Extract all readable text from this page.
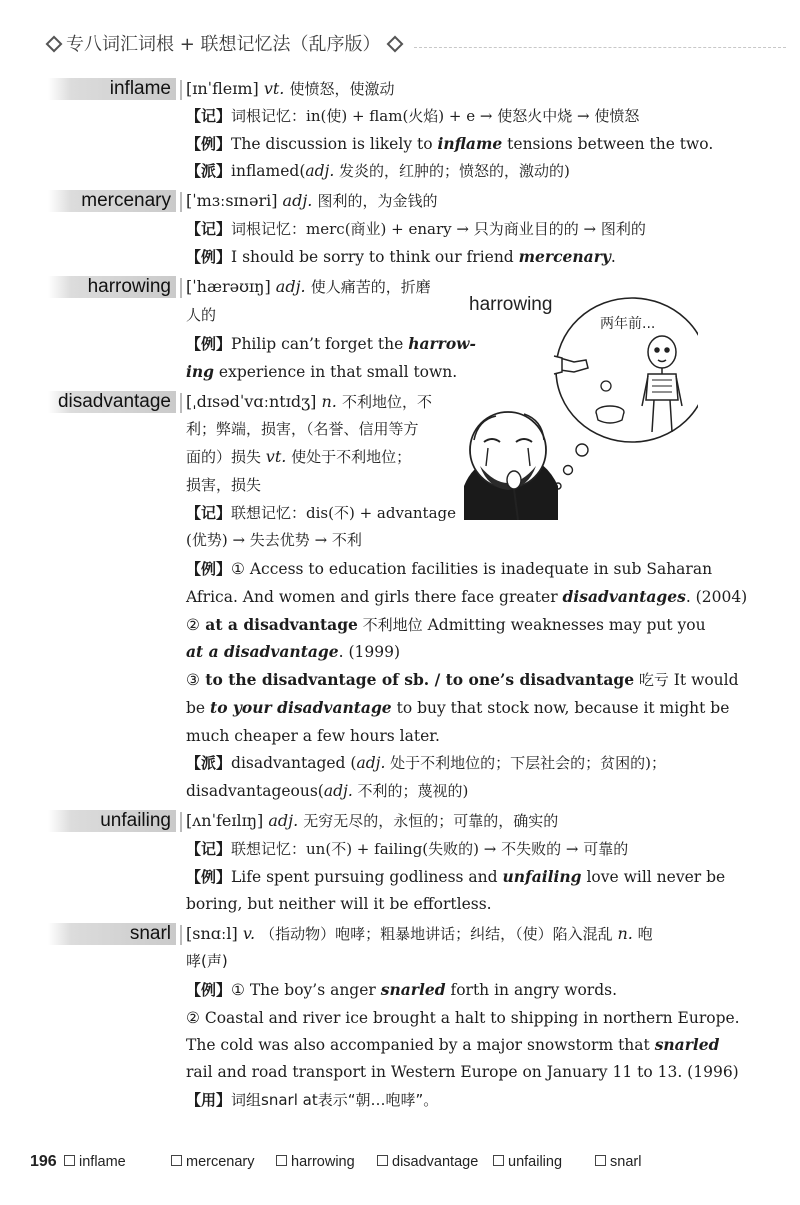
专八词汇词根 + 联想记忆法（乱序版）
inflame [ɪnˈfleɪm] vt. 使愤怒，使激动
【记】词根记忆：in(使) + flam(火焰) + e → 使怒火中烧 → 使愤怒
【例】The discussion is likely to inflame tensions between the two.
【派】inflamed(adj. 发炎的，红肿的；愤怒的，激动的)
mercenary [ˈmɜːsɪnəri] adj. 图利的，为金钱的
【记】词根记忆：merc(商业) + enary → 只为商业目的的 → 图利的
【例】I should be sorry to think our friend mercenary.
harrowing [ˈhærəʊɪŋ] adj. 使人痛苦的，折磨
人的
【例】Philip can’t forget the harrow-
ing experience in that small town.
disadvantage [ˌdɪsədˈvɑːntɪdʒ] n. 不利地位，不
利；弊端，损害，（名誉、信用等方
面的）损失 vt. 使处于不利地位；
损害，损失
【记】联想记忆：dis(不) + advantage
(优势) → 失去优势 → 不利
【例】① Access to education facilities is inadequate in sub Saharan
Africa. And women and girls there face greater disadvantages. (2004)
② at a disadvantage 不利地位 Admitting weaknesses may put you
at a disadvantage. (1999)
③ to the disadvantage of sb. / to one’s disadvantage 吃亏 It would
be to your disadvantage to buy that stock now, because it might be
much cheaper a few hours later.
【派】disadvantaged (adj. 处于不利地位的；下层社会的；贫困的)；
disadvantageous(adj. 不利的；蔑视的)
unfailing [ʌnˈfeɪlɪŋ] adj. 无穷无尽的，永恒的；可靠的，确实的
【记】联想记忆：un(不) + failing(失败的) → 不失败的 → 可靠的
【例】Life spent pursuing godliness and unfailing love will never be
boring, but neither will it be effortless.
snarl [snɑːl] v. （指动物）咆哮；粗暴地讲话；纠结，（使）陷入混乱 n. 咆
哮(声)
【例】① The boy’s anger snarled forth in angry words.
② Coastal and river ice brought a halt to shipping in northern Europe.
The cold was also accompanied by a major snowstorm that snarled
rail and road transport in Western Europe on January 11 to 13. (1996)
【用】词组snarl at表示“朝…咆哮”。
harrowing
两年前...
196	inflame	mercenary	harrowing	disadvantage	unfailing	snarl
